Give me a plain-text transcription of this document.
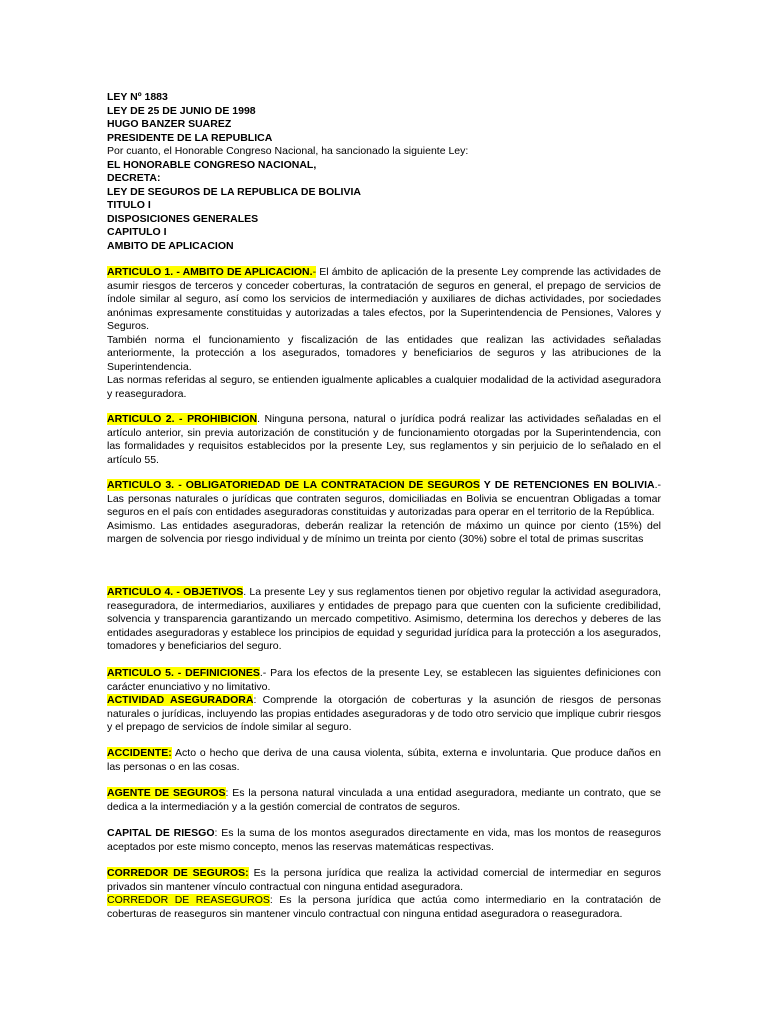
LEY Nº 1883

LEY DE 25 DE JUNIO DE 1998

HUGO BANZER SUAREZ

PRESIDENTE DE LA REPUBLICA

Por cuanto, el Honorable Congreso Nacional, ha sancionado la siguiente Ley:

EL HONORABLE CONGRESO NACIONAL,

DECRETA:

LEY DE SEGUROS DE LA REPUBLICA DE BOLIVIA

TITULO I

DISPOSICIONES GENERALES

CAPITULO I

AMBITO DE APLICACION

ARTICULO 1. - AMBITO DE APLICACION.- El ámbito de aplicación de la presente Ley comprende las actividades de asumir riesgos de terceros y conceder coberturas, la contratación de seguros en general, el prepago de servicios de índole similar al seguro, así como los servicios de intermediación y auxiliares de dichas actividades, por sociedades anónimas expresamente constituidas y autorizadas a tales efectos, por la Superintendencia de Pensiones, Valores y Seguros.
También norma el funcionamiento y fiscalización de las entidades que realizan las actividades señaladas anteriormente, la protección a los asegurados, tomadores y beneficiarios de seguros y las atribuciones de la Superintendencia.
Las normas referidas al seguro, se entienden igualmente aplicables a cualquier modalidad de la actividad aseguradora y reaseguradora.
ARTICULO 2. - PROHIBICION. Ninguna persona, natural o jurídica podrá realizar las actividades señaladas en el artículo anterior, sin previa autorización de constitución y de funcionamiento otorgadas por la Superintendencia, con las formalidades y requisitos establecidos por la presente Ley, sus reglamentos y sin perjuicio de lo señalado en el artículo 55.
ARTICULO 3. - OBLIGATORIEDAD DE LA CONTRATACION DE SEGUROS Y DE RETENCIONES EN BOLIVIA.- Las personas naturales o jurídicas que contraten seguros, domiciliadas en Bolivia se encuentran Obligadas a tomar seguros en el país con entidades aseguradoras constituidas y autorizadas para operar en el territorio de la República.
Asimismo. Las entidades aseguradoras, deberán realizar la retención de máximo un quince por ciento (15%) del margen de solvencia por riesgo individual y de mínimo un treinta por ciento (30%) sobre el total de primas suscritas
ARTICULO 4. - OBJETIVOS. La presente Ley y sus reglamentos tienen por objetivo regular la actividad aseguradora, reaseguradora, de intermediarios, auxiliares y entidades de prepago para que cuenten con la suficiente credibilidad, solvencia y transparencia garantizando un mercado competitivo. Asimismo, determina los derechos y deberes de las entidades aseguradoras y establece los principios de equidad y seguridad jurídica para la protección a los asegurados, tomadores y beneficiarios del seguro.
ARTICULO 5. - DEFINICIONES.- Para los efectos de la presente Ley, se establecen las siguientes definiciones con carácter enunciativo y no limitativo.
ACTIVIDAD ASEGURADORA: Comprende la otorgación de coberturas y la asunción de riesgos de personas naturales o jurídicas, incluyendo las propias entidades aseguradoras y de todo otro servicio que implique cubrir riesgos y el prepago de servicios de índole similar al seguro.
ACCIDENTE: Acto o hecho que deriva de una causa violenta, súbita, externa e involuntaria. Que produce daños en las personas o en las cosas.
AGENTE DE SEGUROS: Es la persona natural vinculada a una entidad aseguradora, mediante un contrato, que se dedica a la intermediación y a la gestión comercial de contratos de seguros.
CAPITAL DE RIESGO: Es la suma de los montos asegurados directamente en vida, mas los montos de reaseguros aceptados por este mismo concepto, menos las reservas matemáticas respectivas.
CORREDOR DE SEGUROS: Es la persona jurídica que realiza la actividad comercial de intermediar en seguros privados sin mantener vínculo contractual con ninguna entidad aseguradora.
CORREDOR DE REASEGUROS: Es la persona jurídica que actúa como intermediario en la contratación de coberturas de reaseguros sin mantener vinculo contractual con ninguna entidad aseguradora o reaseguradora.
